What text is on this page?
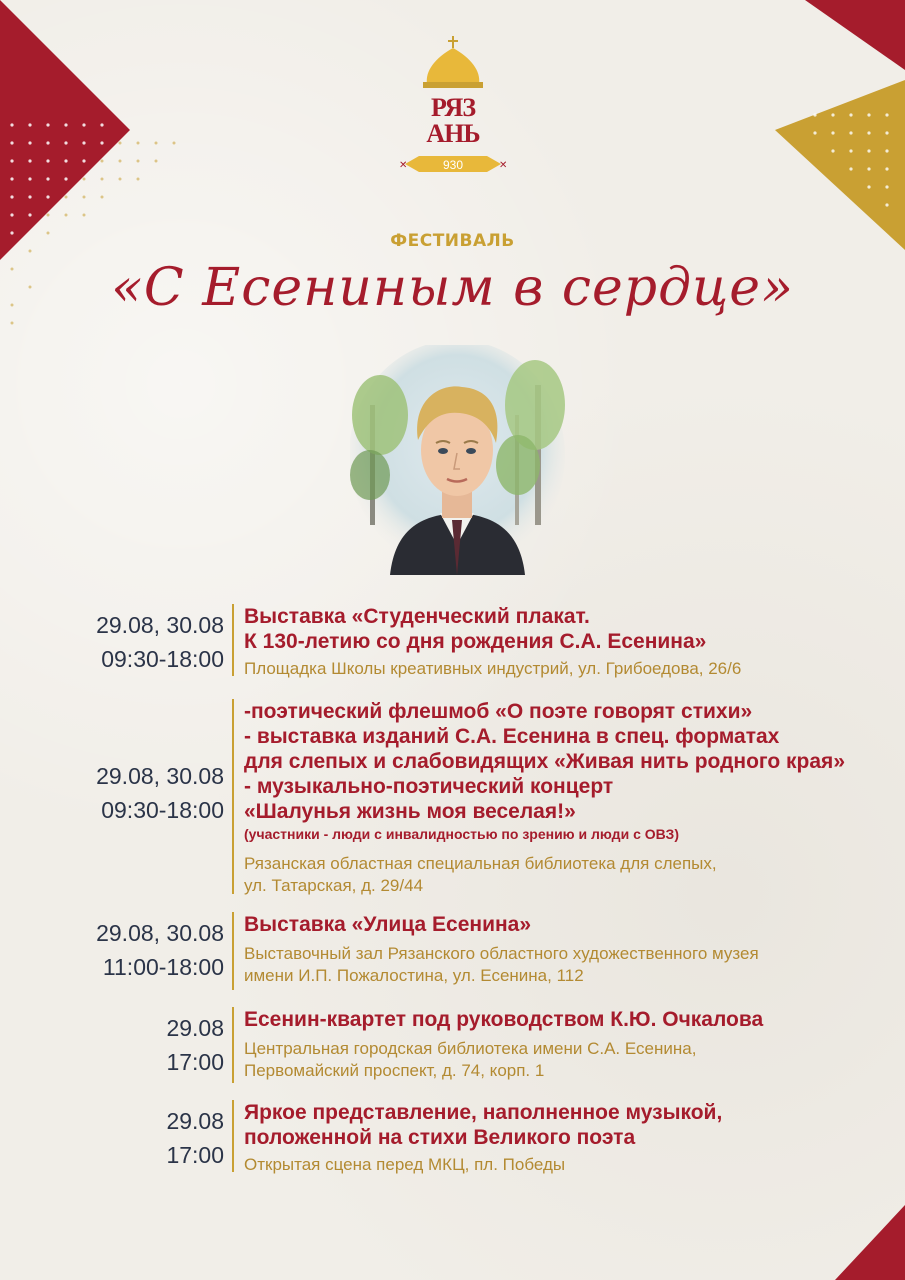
РЯЗ
АНЬ
930
✕	✕
ФЕСТИВАЛЬ
«С Есениным в сердце»
29.08, 30.08
09:30-18:00
Выставка «Студенческий плакат.
К 130-летию со дня рождения С.А. Есенина»
Площадка Школы креативных индустрий, ул. Грибоедова, 26/6
29.08, 30.08
09:30-18:00
-поэтический флешмоб «О поэте говорят стихи»
- выставка изданий С.А. Есенина в спец. форматах
для слепых и слабовидящих «Живая нить родного края»
- музыкально-поэтический концерт
«Шалунья жизнь моя веселая!»
(участники - люди с инвалидностью по зрению и люди с ОВЗ)
Рязанская областная специальная библиотека для слепых,
ул. Татарская, д. 29/44
29.08, 30.08
11:00-18:00
Выставка «Улица Есенина»
Выставочный зал Рязанского областного художественного музея
имени И.П. Пожалостина, ул. Есенина, 112
29.08
17:00
Есенин-квартет под руководством К.Ю. Очкалова
Центральная городская библиотека имени С.А. Есенина,
Первомайский проспект, д. 74, корп. 1
29.08
17:00
Яркое представление, наполненное музыкой,
положенной на стихи Великого поэта
Открытая сцена перед МКЦ, пл. Победы
